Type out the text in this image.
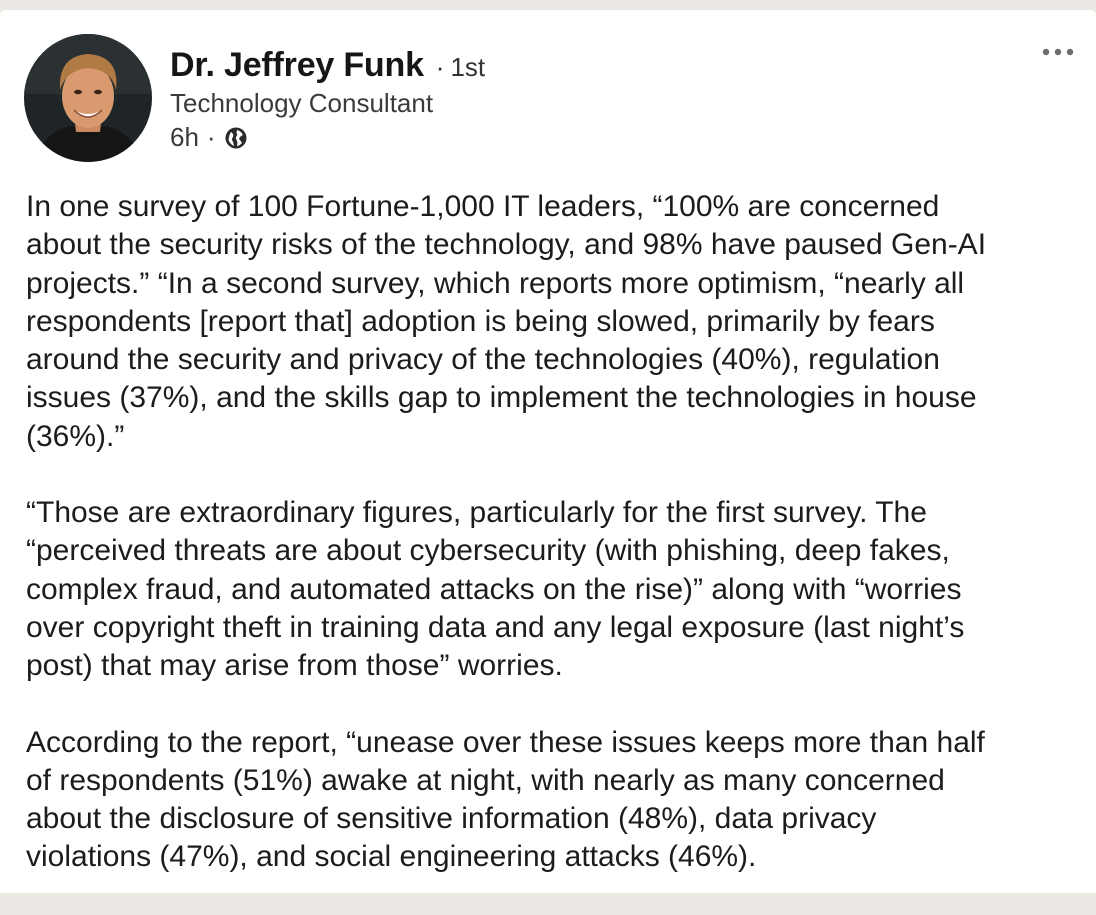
Dr. Jeffrey Funk · 1st
Technology Consultant
6h ·

In one survey of 100 Fortune-1,000 IT leaders, “100% are concerned
about the security risks of the technology, and 98% have paused Gen-AI
projects.” “In a second survey, which reports more optimism, “nearly all
respondents [report that] adoption is being slowed, primarily by fears
around the security and privacy of the technologies (40%), regulation
issues (37%), and the skills gap to implement the technologies in house
(36%).”

“Those are extraordinary figures, particularly for the first survey. The
“perceived threats are about cybersecurity (with phishing, deep fakes,
complex fraud, and automated attacks on the rise)” along with “worries
over copyright theft in training data and any legal exposure (last night’s
post) that may arise from those” worries.

According to the report, “unease over these issues keeps more than half
of respondents (51%) awake at night, with nearly as many concerned
about the disclosure of sensitive information (48%), data privacy
violations (47%), and social engineering attacks (46%).
